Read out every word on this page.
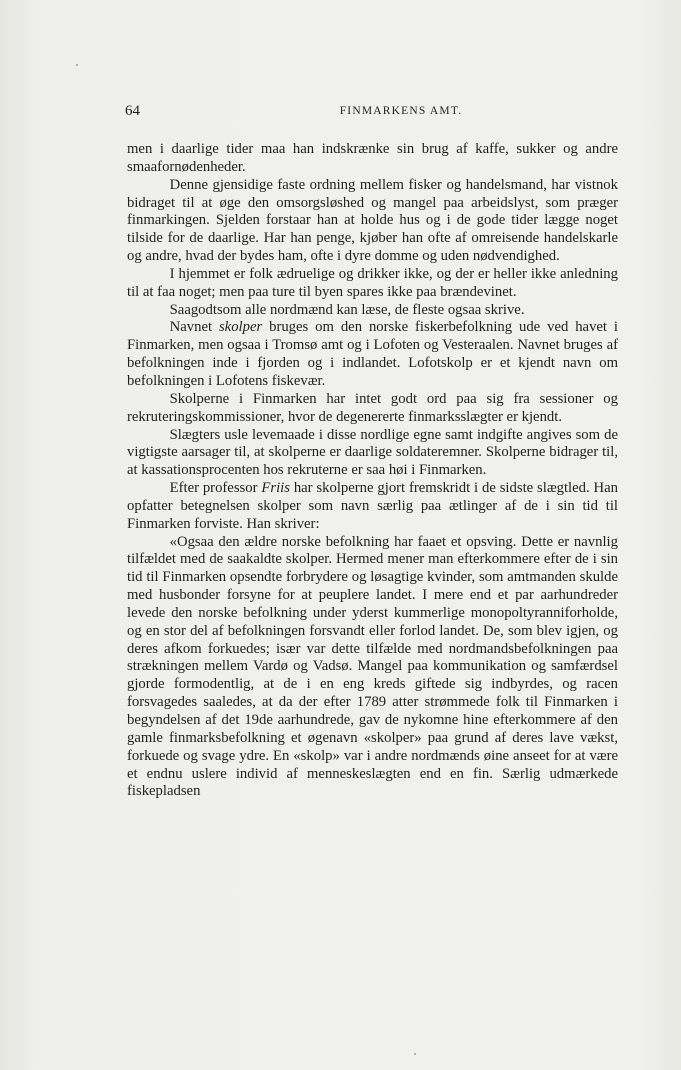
64	FINMARKENS AMT.

men i daarlige tider maa han indskrænke sin brug af kaffe, sukker og andre smaafornødenheder.

Denne gjensidige faste ordning mellem fisker og handelsmand, har vistnok bidraget til at øge den omsorgsløshed og mangel paa arbeidslyst, som præger finmarkingen. Sjelden forstaar han at holde hus og i de gode tider lægge noget tilside for de daarlige. Har han penge, kjøber han ofte af omreisende handelskarle og andre, hvad der bydes ham, ofte i dyre domme og uden nødvendighed.

I hjemmet er folk ædruelige og drikker ikke, og der er heller ikke anledning til at faa noget; men paa ture til byen spares ikke paa brændevinet.

Saagodtsom alle nordmænd kan læse, de fleste ogsaa skrive.

Navnet skolper bruges om den norske fiskerbefolkning ude ved havet i Finmarken, men ogsaa i Tromsø amt og i Lofoten og Vesteraalen. Navnet bruges af befolkningen inde i fjorden og i indlandet. Lofotskolp er et kjendt navn om befolkningen i Lofotens fiskevær.

Skolperne i Finmarken har intet godt ord paa sig fra sessioner og rekruteringskommissioner, hvor de degenererte finmarksslægter er kjendt.

Slægters usle levemaade i disse nordlige egne samt indgifte angives som de vigtigste aarsager til, at skolperne er daarlige soldateremner. Skolperne bidrager til, at kassationsprocenten hos rekruterne er saa høi i Finmarken.

Efter professor Friis har skolperne gjort fremskridt i de sidste slægtled. Han opfatter betegnelsen skolper som navn særlig paa ætlinger af de i sin tid til Finmarken forviste. Han skriver:

«Ogsaa den ældre norske befolkning har faaet et opsving. Dette er navnlig tilfældet med de saakaldte skolper. Hermed mener man efterkommere efter de i sin tid til Finmarken opsendte forbrydere og løsagtige kvinder, som amtmanden skulde med husbonder forsyne for at peuplere landet. I mere end et par aarhundreder levede den norske befolkning under yderst kummerlige monopoltyranniforholde, og en stor del af befolkningen forsvandt eller forlod landet. De, som blev igjen, og deres afkom forkuedes; især var dette tilfælde med nordmandsbefolkningen paa strækningen mellem Vardø og Vadsø. Mangel paa kommunikation og samfærdsel gjorde formodentlig, at de i en eng kreds giftede sig indbyrdes, og racen forsvagedes saaledes, at da der efter 1789 atter strømmede folk til Finmarken i begyndelsen af det 19de aarhundrede, gav de nykomne hine efterkommere af den gamle finmarksbefolkning et øgenavn «skolper» paa grund af deres lave vækst, forkuede og svage ydre. En «skolp» var i andre nordmænds øine anseet for at være et endnu uslere individ af menneskeslægten end en fin. Særlig udmærkede fiskepladsen
